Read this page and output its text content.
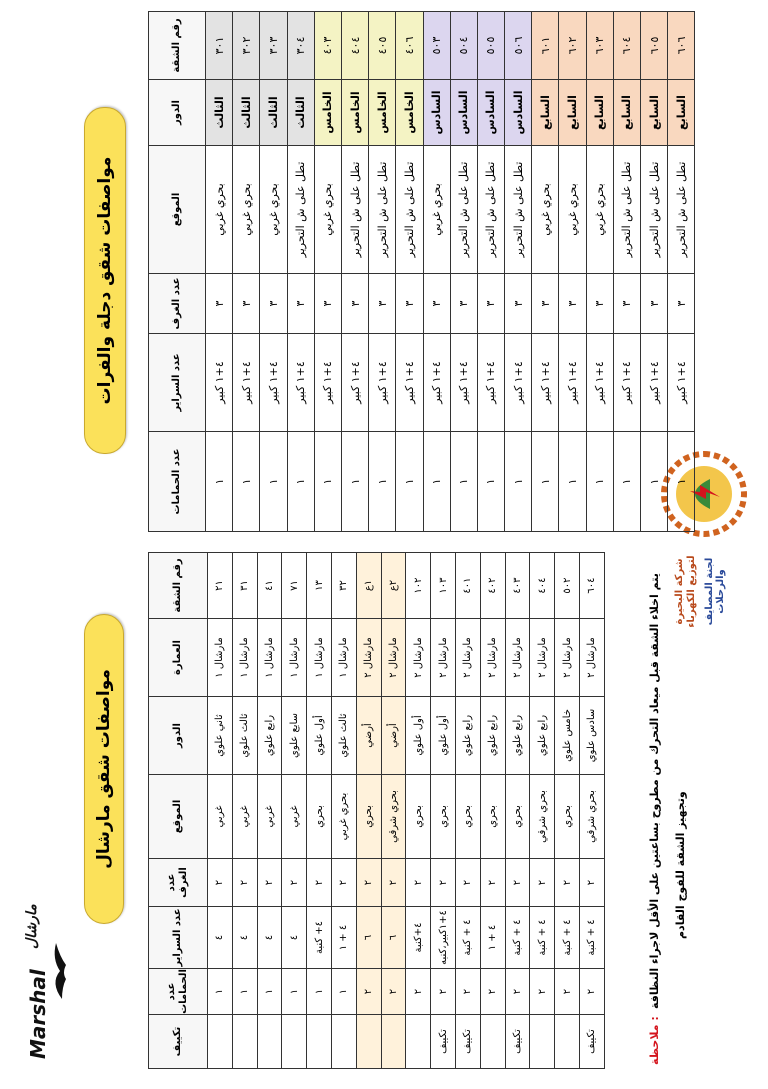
Marshal
مارشال
مواصفات شقق مارشال
رقم الشقة	العمارة	الدور	الموقع	عدد الغرف	عدد السراير	عدد الحمامات	تكييف
٢١	مارشال ١	ثاني علوي	غربي	٢	٤	١	
٣١	مارشال ١	ثالث علوي	غربي	٢	٤	١	
٤١	مارشال ١	رابع علوي	غربي	٢	٤	١	
٧١	مارشال ١	سابع علوي	غربي	٢	٤	١	
١٣	مارشال ١	أول علوي	بحري	٢	٤+ كنبة	١	
٣٢	مارشال ١	ثالث علوي	بحري غربي	٢	٤ + ١	١	
١ع	مارشال ٢	أرضي	بحري	٢	٦	٢	
٢ع	مارشال ٢	أرضي	بحري شرقي	٢	٦	٢	
١٠٢	مارشال ٢	أول علوي	بحري	٢	٤+كنبة	٢	
١٠٣	مارشال ٢	أول علوي	بحري	٢	٤+١كبير،كنبه	٢	تكييف
٤٠١	مارشال ٢	رابع علوي	بحري	٢	٤ + كنبة	٢	تكييف
٤٠٢	مارشال ٢	رابع علوي	بحري	٢	٤ + ١	٢	
٤٠٣	مارشال ٢	رابع علوي	بحري	٢	٤ + كنبة	٢	تكييف
٤٠٤	مارشال ٢	رابع علوي	بحري شرقي	٢	٤ + كنبة	٢	
٥٠٢	مارشال ٢	خامس علوي	بحري	٢	٤ + كنبة	٢	
٦٠٤	مارشال ٢	سادس علوي	بحري شرقي	٢	٤ + كنبة	٢	تكييف	ملاحظة :
يتم اخلاء الشقة قبل ميعاد التحرك من مطروح بساعتين على الأقل لاجراء النظافة وتجهيز الشقة للفوج القادم
شركة البحيرة لتوزيع الكهرباء لجنة المصايف والرحلات
مواصفات شقق دجلة والفرات
رقم الشقة	الدور	الموقع	عدد الغرف	عدد السراير	عدد الحمامات
٣٠١	الثالث	بحري غربي	٣	٤+١ كبير	١
٣٠٢	الثالث	بحري غربي	٣	٤+١ كبير	١
٣٠٣	الثالث	بحري غربي	٣	٤+١ كبير	١
٣٠٤	الثالث	تطل على ش التحرير	٣	٤+١ كبير	١
٤٠٣	الخامس	بحري غربي	٣	٤+١ كبير	١
٤٠٤	الخامس	تطل على ش التحرير	٣	٤+١ كبير	١
٤٠٥	الخامس	تطل على ش التحرير	٣	٤+١ كبير	١
٤٠٦	الخامس	تطل على ش التحرير	٣	٤+١ كبير	١
٥٠٣	السادس	بحري غربي	٣	٤+١ كبير	١
٥٠٤	السادس	تطل على ش التحرير	٣	٤+١ كبير	١
٥٠٥	السادس	تطل على ش التحرير	٣	٤+١ كبير	١
٥٠٦	السادس	تطل على ش التحرير	٣	٤+١ كبير	١
٦٠١	السابع	بحري غربي	٣	٤+١ كبير	١
٦٠٢	السابع	بحري غربي	٣	٤+١ كبير	١
٦٠٣	السابع	بحري غربي	٣	٤+١ كبير	١
٦٠٤	السابع	تطل على ش التحرير	٣	٤+١ كبير	١
٦٠٥	السابع	تطل على ش التحرير	٣	٤+١ كبير	١
٦٠٦	السابع	تطل على ش التحرير	٣	٤+١ كبير	١
